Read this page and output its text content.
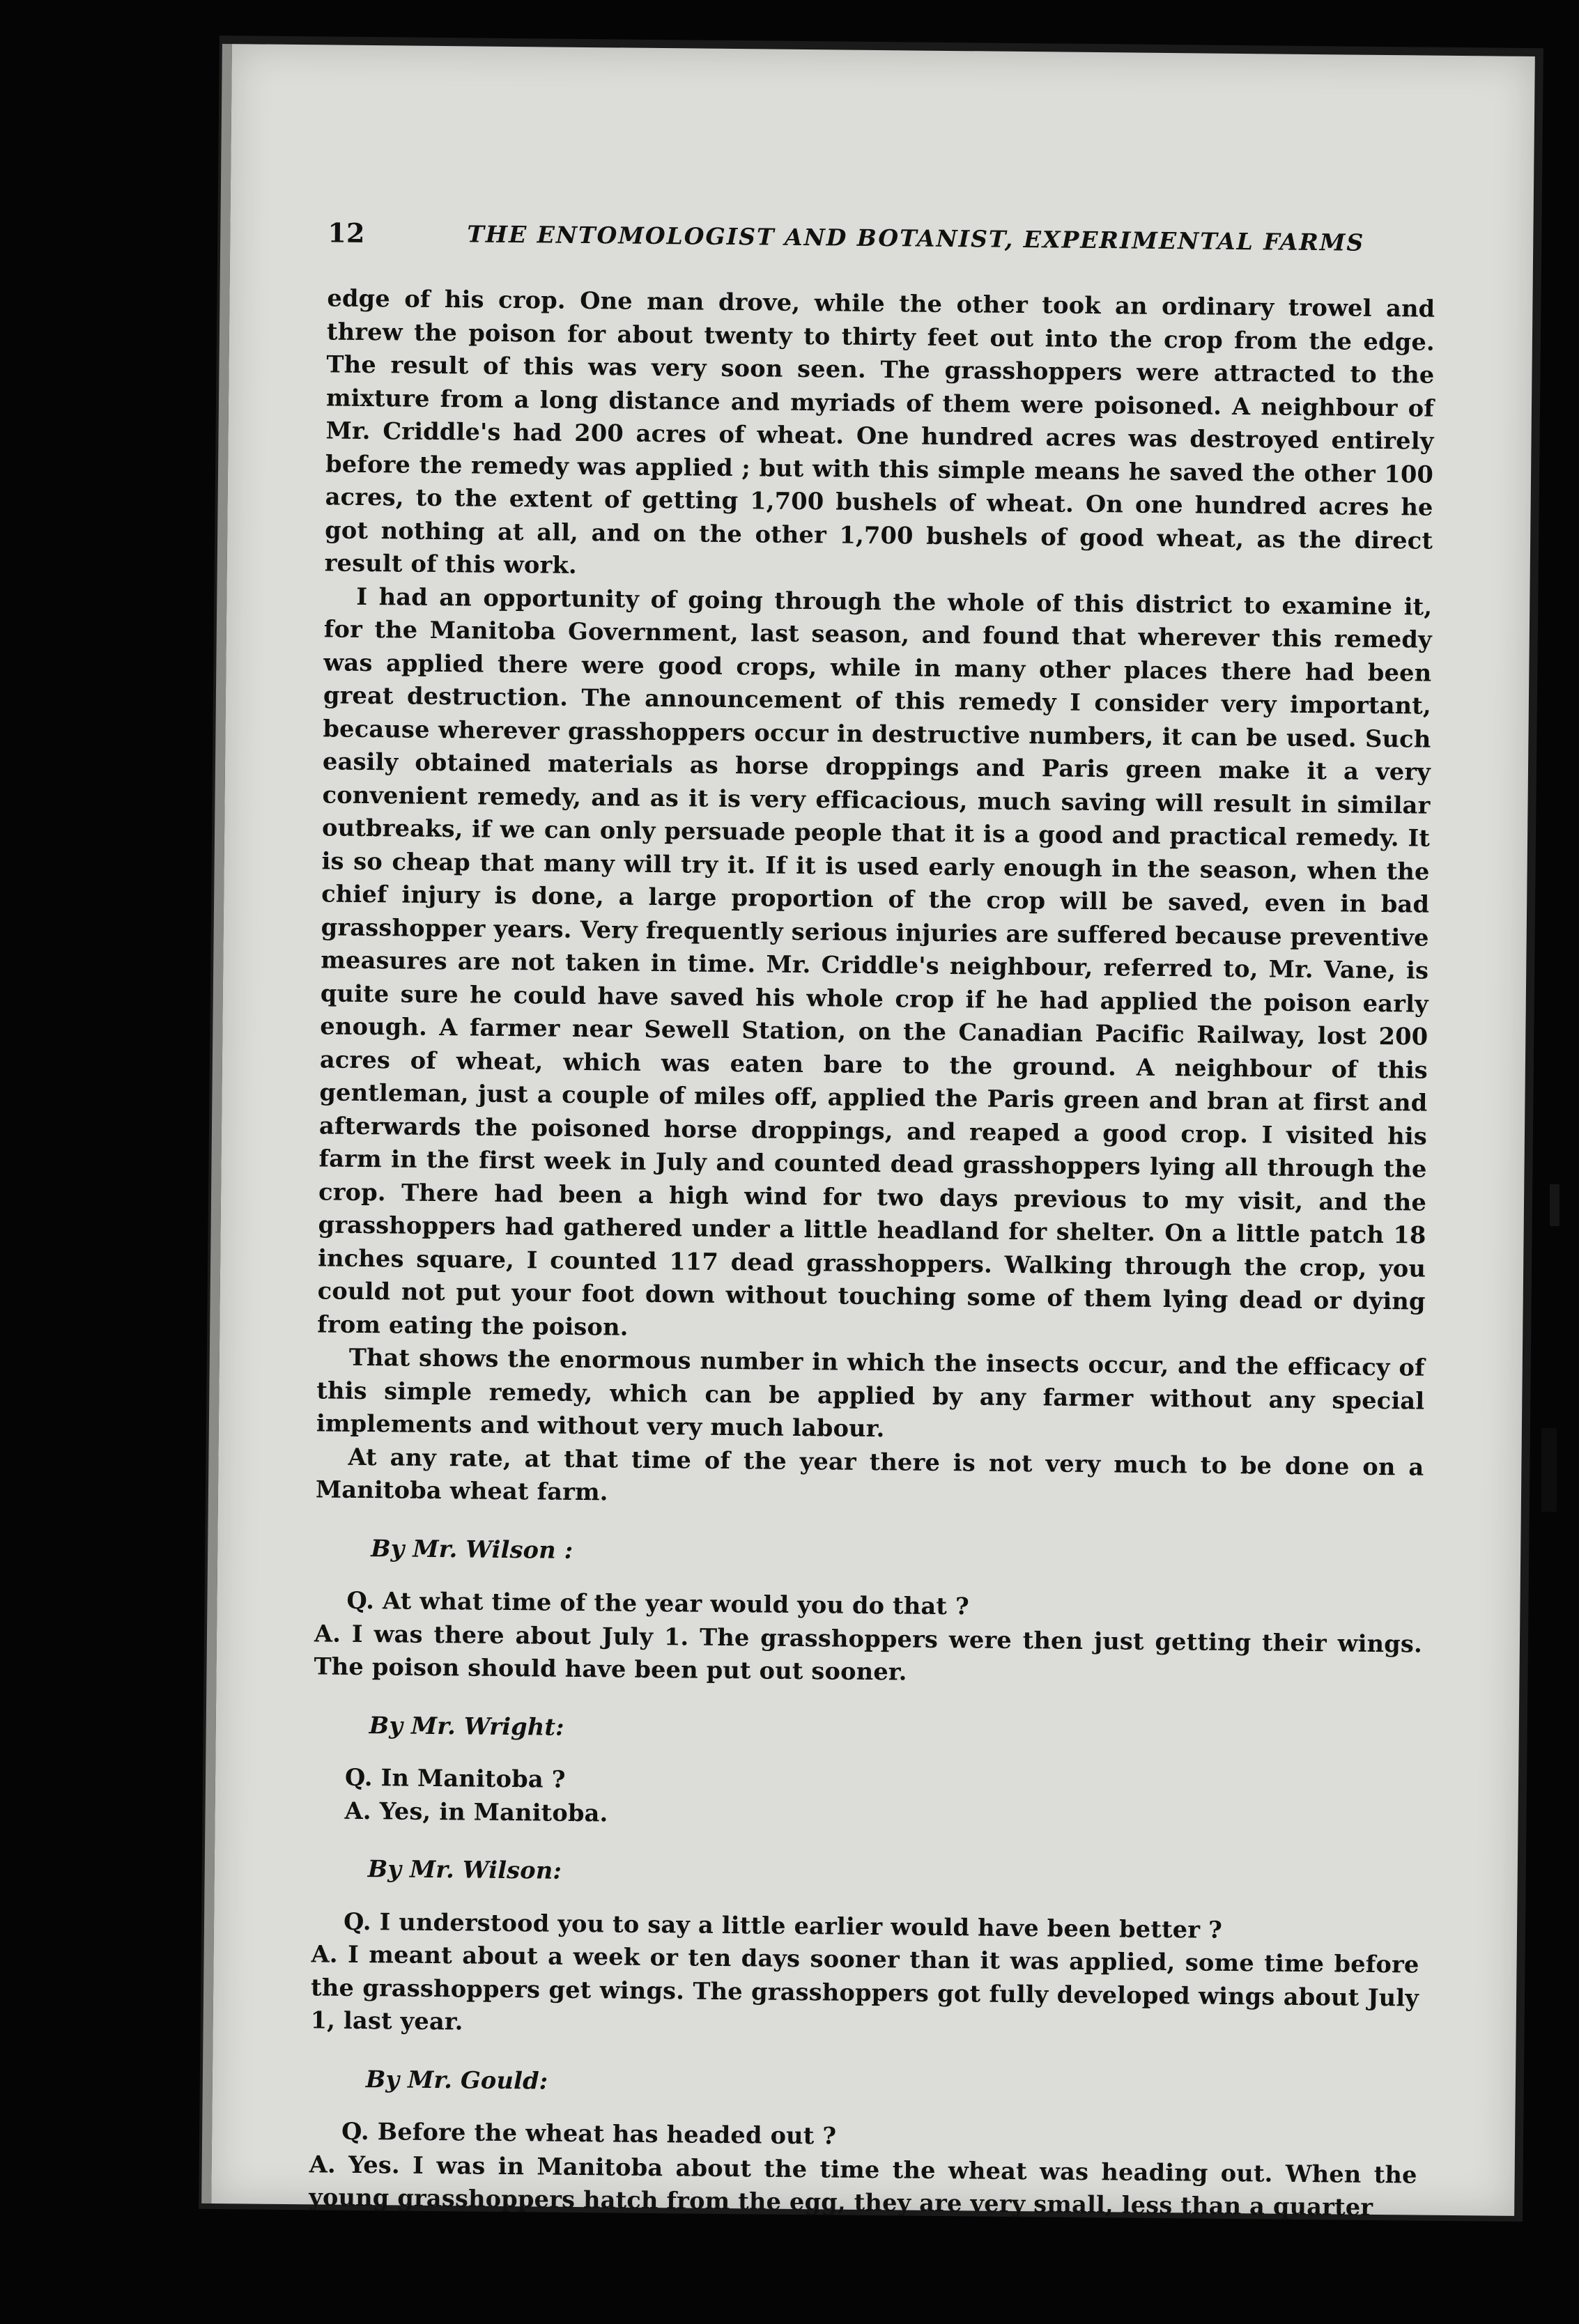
12	THE ENTOMOLOGIST AND BOTANIST, EXPERIMENTAL FARMS

edge of his crop. One man drove, while the other took an ordinary trowel and threw the poison for about twenty to thirty feet out into the crop from the edge. The result of this was very soon seen. The grasshoppers were attracted to the mixture from a long distance and myriads of them were poisoned. A neighbour of Mr. Criddle's had 200 acres of wheat. One hundred acres was destroyed entirely before the remedy was applied ; but with this simple means he saved the other 100 acres, to the extent of getting 1,700 bushels of wheat. On one hundred acres he got nothing at all, and on the other 1,700 bushels of good wheat, as the direct result of this work.

I had an opportunity of going through the whole of this district to examine it, for the Manitoba Government, last season, and found that wherever this remedy was applied there were good crops, while in many other places there had been great destruction. The announcement of this remedy I consider very important, because wherever grasshoppers occur in destructive numbers, it can be used. Such easily obtained materials as horse droppings and Paris green make it a very convenient remedy, and as it is very efficacious, much saving will result in similar outbreaks, if we can only persuade people that it is a good and practical remedy. It is so cheap that many will try it. If it is used early enough in the season, when the chief injury is done, a large proportion of the crop will be saved, even in bad grasshopper years. Very frequently serious injuries are suffered because preventive measures are not taken in time. Mr. Criddle's neighbour, referred to, Mr. Vane, is quite sure he could have saved his whole crop if he had applied the poison early enough. A farmer near Sewell Station, on the Canadian Pacific Railway, lost 200 acres of wheat, which was eaten bare to the ground. A neighbour of this gentleman, just a couple of miles off, applied the Paris green and bran at first and afterwards the poisoned horse droppings, and reaped a good crop. I visited his farm in the first week in July and counted dead grasshoppers lying all through the crop. There had been a high wind for two days previous to my visit, and the grasshoppers had gathered under a little headland for shelter. On a little patch 18 inches square, I counted 117 dead grasshoppers. Walking through the crop, you could not put your foot down without touching some of them lying dead or dying from eating the poison.

That shows the enormous number in which the insects occur, and the efficacy of this simple remedy, which can be applied by any farmer without any special implements and without very much labour.

At any rate, at that time of the year there is not very much to be done on a Manitoba wheat farm.

By Mr. Wilson :

Q. At what time of the year would you do that ?

A. I was there about July 1. The grasshoppers were then just getting their wings. The poison should have been put out sooner.

By Mr. Wright:

Q. In Manitoba ?

A. Yes, in Manitoba.

By Mr. Wilson:

Q. I understood you to say a little earlier would have been better ?

A. I meant about a week or ten days sooner than it was applied, some time before the grasshoppers get wings. The grasshoppers got fully developed wings about July 1, last year.

By Mr. Gould:

Q. Before the wheat has headed out ?

A. Yes. I was in Manitoba about the time the wheat was heading out. When the young grasshoppers hatch from the egg, they are very small, less than a quarter
